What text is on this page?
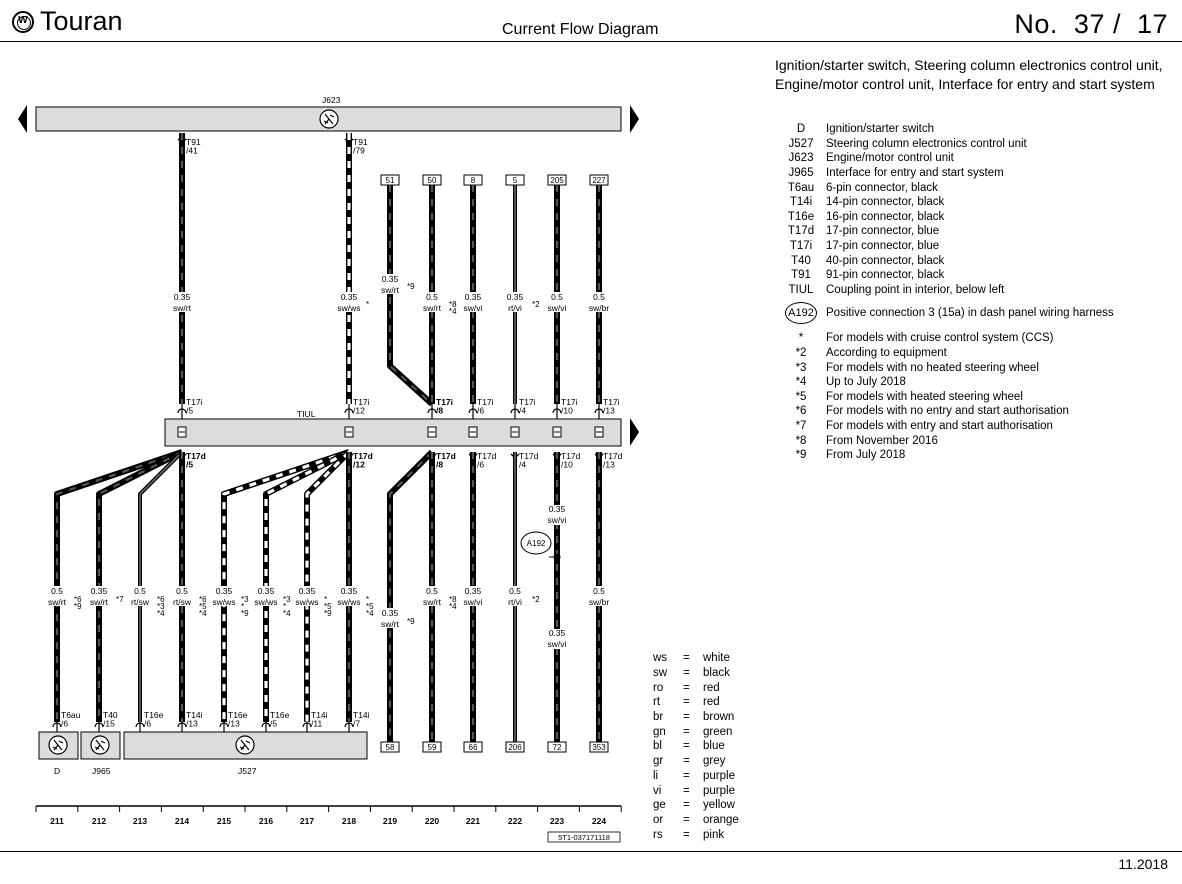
W Touran	Current Flow Diagram	No.  37 /  17
J623
TIUL
D	J965	J527
T91 /41
T91 /79
51	50	8	5	205	227
0.35
sw/rt
0.35
sw/ws *
0.35
sw/rt *9
0.5
sw/rt *8 *4
0.35
sw/vi
0.35
rt/vi *2
0.5
sw/vi
0.5
sw/br
T17i /5
T17i /12
T17i /8
T17i /6
T17i /4
T17i /10
T17i /13
T17d /5
T17d /12
T17d /8
T17d /6
T17d /4
T17d /10
T17d /13
A192
0.35
sw/vi
0.35
sw/vi
0.5
sw/rt *6 *9
0.35
sw/rt *7
0.5
rt/sw *6 *3 *4
0.5
rt/sw *6 *5 *4
0.35
sw/ws *3 * *9
0.35
sw/ws *3 * *4
0.35
sw/ws * *5 *9
0.35
sw/ws * *5 *4 0.35
sw/rt *9
0.5
sw/rt *8 *4
0.35
sw/vi
0.5
rt/vi *2
0.5
sw/br
T6au /6
T40 /15
T16e /6
T14i /13
T16e /13
T16e /5
T14i /11
T14i /7
58	59	66	206	72	353
211	212	213	214	215	216	217	218	219	220	221	222	223	224
5T1-037171118
Ignition/starter switch, Steering column electronics control unit, Engine/motor control unit, Interface for entry and start system
D	Ignition/starter switch
J527	Steering column electronics control unit
J623	Engine/motor control unit
J965	Interface for entry and start system
T6au	6-pin connector, black
T14i	14-pin connector, black
T16e	16-pin connector, black
T17d	17-pin connector, blue
T17i	17-pin connector, blue
T40	40-pin connector, black
T91	91-pin connector, black
TIUL	Coupling point in interior, below left
A192 Positive connection 3 (15a) in dash panel wiring harness
*	For models with cruise control system (CCS)
*2	According to equipment
*3	For models with no heated steering wheel
*4	Up to July 2018
*5	For models with heated steering wheel
*6	For models with no entry and start authorisation
*7	For models with entry and start authorisation
*8	From November 2016
*9	From July 2018
ws	=	white
sw	=	black
ro	=	red
rt	=	red
br	=	brown
gn	=	green
bl	=	blue
gr	=	grey
li	=	purple
vi	=	purple
ge	=	yellow
or	=	orange
rs	=	pink
11.2018
